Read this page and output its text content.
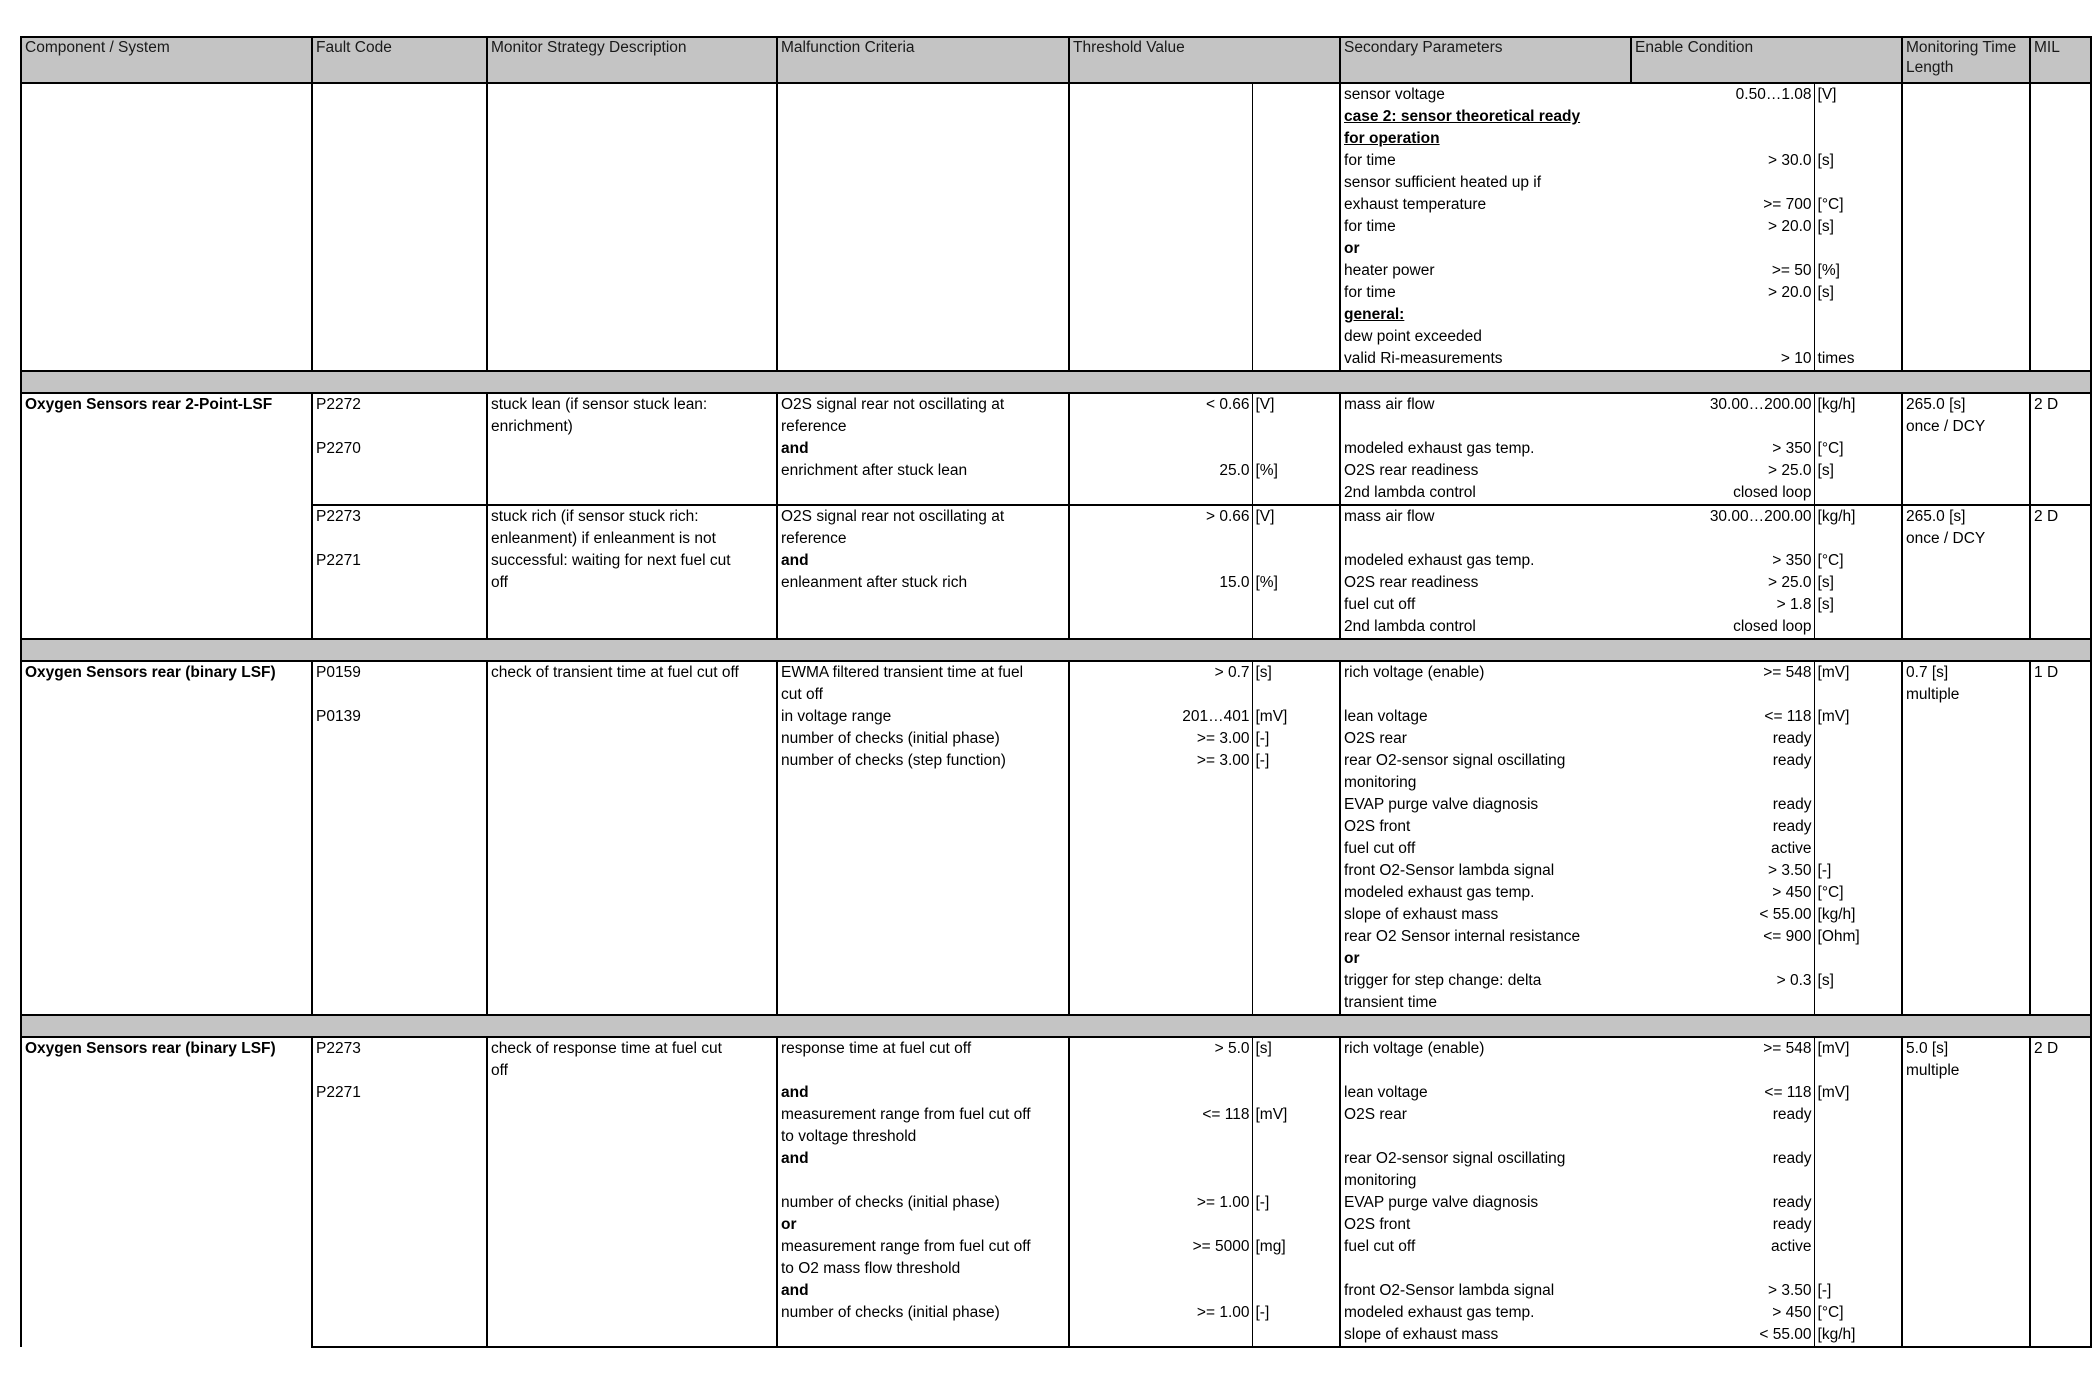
Component / System	Fault Code	Monitor Strategy Description	Malfunction Criteria	Threshold Value		Secondary Parameters	Enable Condition		Monitoring Time Length	MIL
						sensor voltage	0.50…1.08	[V]		
						case 2: sensor theoretical ready				
						for operation				
						for time	> 30.0	[s]		
						sensor sufficient heated up if				
						exhaust temperature	>= 700	[°C]		
						for time	> 20.0	[s]		
						or				
						heater power	>= 50	[%]		
						for time	> 20.0	[s]		
						general:				
						dew point exceeded				
						valid Ri-measurements	> 10	times		

Oxygen Sensors rear 2-Point-LSF	P2272	stuck lean (if sensor stuck lean:	O2S signal rear not oscillating at	< 0.66	[V]	mass air flow	30.00…200.00	[kg/h]	265.0 [s]	2 D
		enrichment)	reference						once / DCY	
	P2270		and			modeled exhaust gas temp.	> 350	[°C]		
			enrichment after stuck lean	25.0	[%]	O2S rear readiness	> 25.0	[s]		
						2nd lambda control	closed loop			
	P2273	stuck rich (if sensor stuck rich:	O2S signal rear not oscillating at	> 0.66	[V]	mass air flow	30.00…200.00	[kg/h]	265.0 [s]	2 D
		enleanment) if enleanment is not	reference						once / DCY	
	P2271	successful: waiting for next fuel cut	and			modeled exhaust gas temp.	> 350	[°C]		
		off	enleanment after stuck rich	15.0	[%]	O2S rear readiness	> 25.0	[s]		
						fuel cut off	> 1.8	[s]		
						2nd lambda control	closed loop			

Oxygen Sensors rear (binary LSF)	P0159	check of transient time at fuel cut off	EWMA filtered transient time at fuel	> 0.7	[s]	rich voltage (enable)	>= 548	[mV]	0.7 [s]	1 D
			cut off						multiple	
	P0139		in voltage range	201…401	[mV]	lean voltage	<= 118	[mV]		
			number of checks (initial phase)	>= 3.00	[-]	O2S rear	ready			
			number of checks (step function)	>= 3.00	[-]	rear O2-sensor signal oscillating	ready			
						monitoring				
						EVAP purge valve diagnosis	ready			
						O2S front	ready			
						fuel cut off	active			
						front O2-Sensor lambda signal	> 3.50	[-]		
						modeled exhaust gas temp.	> 450	[°C]		
						slope of exhaust mass	< 55.00	[kg/h]		
						rear O2 Sensor internal resistance	<= 900	[Ohm]		
						or				
						trigger for step change: delta	> 0.3	[s]		
						transient time				

Oxygen Sensors rear (binary LSF)	P2273	check of response time at fuel cut	response time at fuel cut off	> 5.0	[s]	rich voltage (enable)	>= 548	[mV]	5.0 [s]	2 D
		off							multiple	
	P2271		and			lean voltage	<= 118	[mV]		
			measurement range from fuel cut off	<= 118	[mV]	O2S rear	ready			
			to voltage threshold							
			and			rear O2-sensor signal oscillating	ready			
						monitoring				
			number of checks (initial phase)	>= 1.00	[-]	EVAP purge valve diagnosis	ready			
			or			O2S front	ready			
			measurement range from fuel cut off	>= 5000	[mg]	fuel cut off	active			
			to O2 mass flow threshold							
			and			front O2-Sensor lambda signal	> 3.50	[-]		
			number of checks (initial phase)	>= 1.00	[-]	modeled exhaust gas temp.	> 450	[°C]		
						slope of exhaust mass	< 55.00	[kg/h]		
